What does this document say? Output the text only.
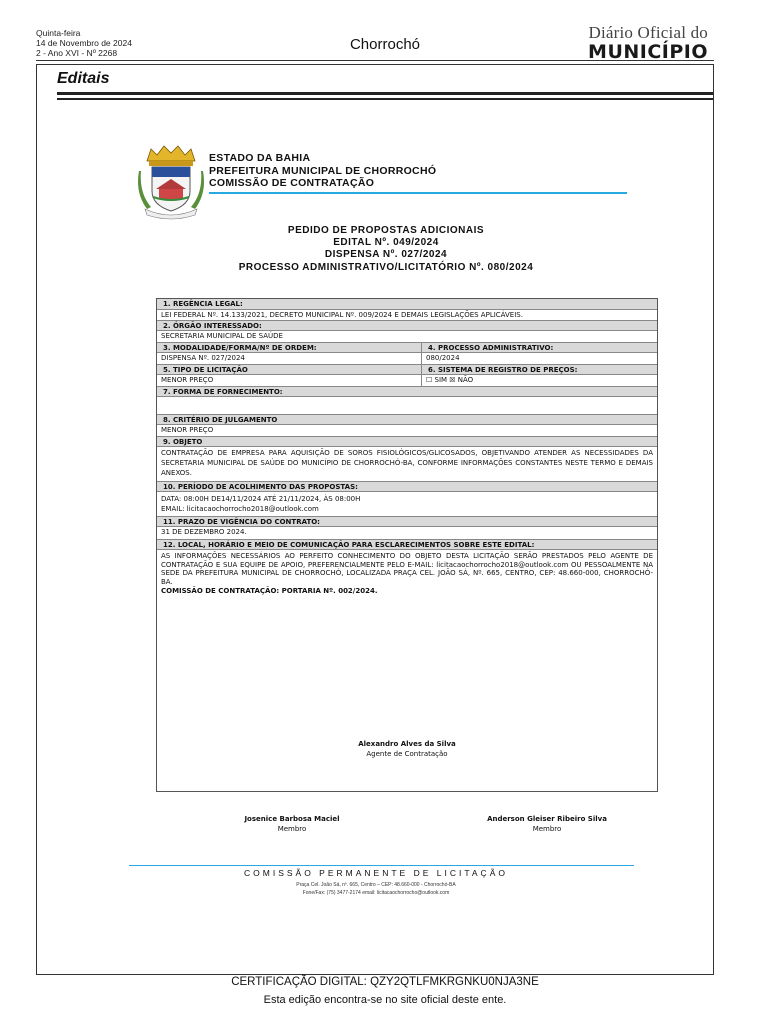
Quinta-feira
14 de Novembro de 2024
2 - Ano XVI - Nº 2268	Chorrochó
Diário Oficial do
MUNICÍPIO
Editais
ESTADO DA BAHIA
PREFEITURA MUNICIPAL DE CHORROCHÓ
COMISSÃO DE CONTRATAÇÃO
PEDIDO DE PROPOSTAS ADICIONAIS
EDITAL Nº. 049/2024
DISPENSA Nº. 027/2024
PROCESSO ADMINISTRATIVO/LICITATÓRIO Nº. 080/2024
1. REGÊNCIA LEGAL:
LEI FEDERAL Nº. 14.133/2021, DECRETO MUNICIPAL Nº. 009/2024 E DEMAIS LEGISLAÇÕES APLICÁVEIS.
2. ÓRGÃO INTERESSADO:
SECRETARIA MUNICIPAL DE SAÚDE
3. MODALIDADE/FORMA/Nº DE ORDEM:
DISPENSA Nº. 027/2024
4. PROCESSO ADMINISTRATIVO:
080/2024
5. TIPO DE LICITAÇÃO
MENOR PREÇO
6. SISTEMA DE REGISTRO DE PREÇOS:
☐ SIM ☒ NÃO
7. FORMA DE FORNECIMENTO:
8. CRITÉRIO DE JULGAMENTO
MENOR PREÇO
9. OBJETO
CONTRATAÇÃO DE EMPRESA PARA AQUISIÇÃO DE SOROS FISIOLÓGICOS/GLICOSADOS, OBJETIVANDO ATENDER AS NECESSIDADES DA SECRETARIA MUNICIPAL DE SAÚDE DO MUNICÍPIO DE CHORROCHÓ-BA, CONFORME INFORMAÇÕES CONSTANTES NESTE TERMO E DEMAIS ANEXOS.
10. PERÍODO DE ACOLHIMENTO DAS PROPOSTAS:
DATA: 08:00H DE14/11/2024 ATÉ 21/11/2024, ÀS 08:00H
EMAIL: licitacaochorrocho2018@outlook.com
11. PRAZO DE VIGÊNCIA DO CONTRATO:
31 DE DEZEMBRO 2024.
12. LOCAL, HORÁRIO E MEIO DE COMUNICAÇÃO PARA ESCLARECIMENTOS SOBRE ESTE EDITAL:
AS INFORMAÇÕES NECESSÁRIOS AO PERFEITO CONHECIMENTO DO OBJETO DESTA LICITAÇÃO SERÃO PRESTADOS PELO AGENTE DE CONTRATAÇÃO E SUA EQUIPE DE APOIO, PREFERENCIALMENTE PELO E-MAIL: licitacaochorrocho2018@outlook.com OU PESSOALMENTE NA SEDE DA PREFEITURA MUNICIPAL DE CHORROCHÓ, LOCALIZADA PRAÇA CEL. JOÃO SÁ, Nº. 665, CENTRO, CEP: 48.660-000, CHORROCHÓ-BA.
COMISSÃO DE CONTRATAÇÃO: PORTARIA Nº. 002/2024.
Alexandro Alves da Silva
Agente de Contratação
Josenice Barbosa Maciel
Membro
Anderson Gleiser Ribeiro Silva
Membro
COMISSÃO PERMANENTE DE LICITAÇÃO
Praça Cel. João Sá, nº. 665, Centro – CEP: 48.660-000 - Chorrochó-BA
Fone/Fax: (75) 3477-2174 email: licitacaochorrocho@outlook.com
CERTIFICAÇÃO DIGITAL: QZY2QTLFMKRGNKU0NJA3NE
Esta edição encontra-se no site oficial deste ente.
